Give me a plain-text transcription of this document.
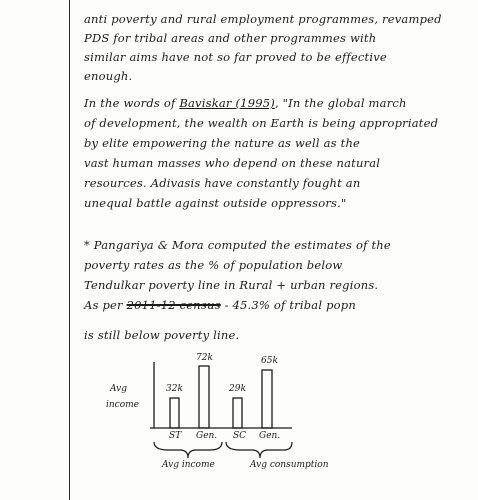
anti poverty and rural employment programmes, revamped
PDS for tribal areas and other programmes with
similar aims have not so far proved to be effective
enough.
In the words of Baviskar (1995), "In the global march
of development, the wealth on Earth is being appropriated
by elite empowering the nature as well as the
vast human masses who depend on these natural
resources. Adivasis have constantly fought an
unequal battle against outside oppressors."
* Pangariya & Mora computed the estimates of the
poverty rates as the % of population below
Tendulkar poverty line in Rural + urban regions.
As per 2011-12 census - 45.3% of tribal popn
is still below poverty line.
Avg
income
32k
72k
29k
65k
ST Gen. SC Gen.
Avg income	Avg consumption
